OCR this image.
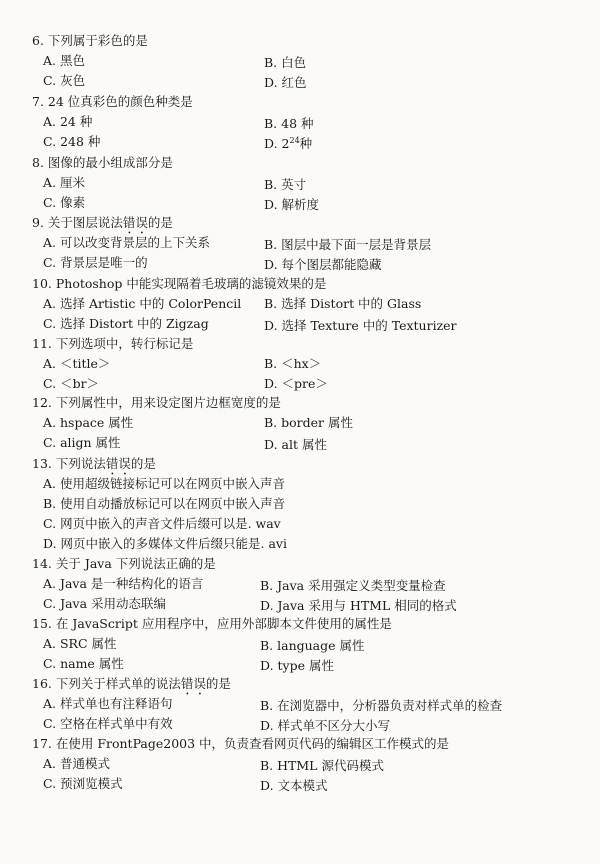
6. 下列属于彩色的是
A. 黑色	B. 白色
C. 灰色	D. 红色
7. 24 位真彩色的颜色种类是
A. 24 种	B. 48 种
C. 248 种	D. $2^{24}$种
8. 图像的最小组成部分是
A. 厘米	B. 英寸
C. 像素	D. 解析度
9. 关于图层说法错误的是
A. 可以改变背景层的上下关系	B. 图层中最下面一层是背景层
C. 背景层是唯一的	D. 每个图层都能隐藏
10. Photoshop 中能实现隔着毛玻璃的滤镜效果的是
A. 选择 Artistic 中的 ColorPencil B. 选择 Distort 中的 Glass
C. 选择 Distort 中的 Zigzag	D. 选择 Texture 中的 Texturizer
11. 下列选项中，转行标记是
A. ＜title＞	B. ＜hx＞
C. ＜br＞	D. ＜pre＞
12. 下列属性中，用来设定图片边框宽度的是
A. hspace 属性	B. border 属性
C. align 属性	D. alt 属性
13. 下列说法错误的是
A. 使用超级链接标记可以在网页中嵌入声音
B. 使用自动播放标记可以在网页中嵌入声音
C. 网页中嵌入的声音文件后缀可以是. wav
D. 网页中嵌入的多媒体文件后缀只能是. avi
14. 关于 Java 下列说法正确的是
A. Java 是一种结构化的语言	B. Java 采用强定义类型变量检查
C. Java 采用动态联编	D. Java 采用与 HTML 相同的格式
15. 在 JavaScript 应用程序中，应用外部脚本文件使用的属性是
A. SRC 属性	B. language 属性
C. name 属性	D. type 属性
16. 下列关于样式单的说法错误的是
A. 样式单也有注释语句	B. 在浏览器中，分析器负责对样式单的检查
C. 空格在样式单中有效	D. 样式单不区分大小写
17. 在使用 FrontPage2003 中，负责查看网页代码的编辑区工作模式的是
A. 普通模式	B. HTML 源代码模式
C. 预浏览模式	D. 文本模式
